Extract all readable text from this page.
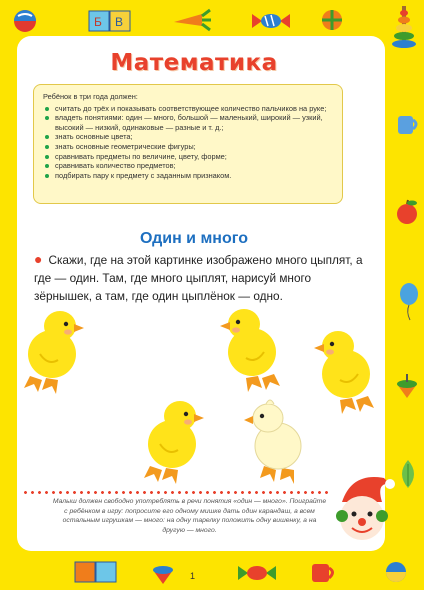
Б В
Математика
Ребёнок в три года должен:
считать до трёх и показывать соответствующее количество пальчиков на руке;
владеть понятиями: один — много, большой — маленький, широкий — узкий, высокий — низкий, одинаковые — разные и т. д.;
знать основные цвета;
знать основные геометрические фигуры;
сравнивать предметы по величине, цвету, форме;
сравнивать количество предметов;
подбирать пару к предмету с заданным признаком.
Один и много
● Скажи, где на этой картинке изображено много цыплят, а где — один. Там, где много цыплят, нарисуй много зёрнышек, а там, где один цыплёнок — одно.
Малыш должен свободно употреблять в речи понятия «один — много». Поиграйте с ребёнком в игру: попросите его одному мишке дать один карандаш, а всем остальным игрушкам — много: на одну тарелку положить одну вишенку, а на другую — много.
1
